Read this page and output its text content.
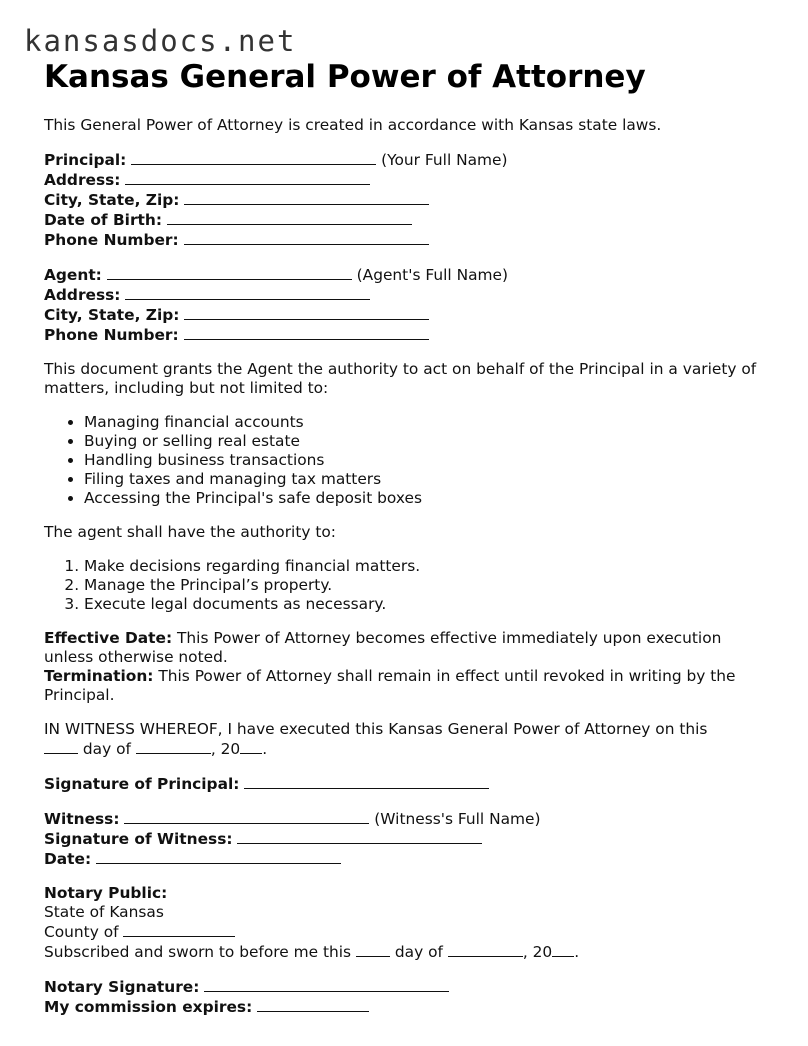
kansasdocs.net
Kansas General Power of Attorney

This General Power of Attorney is created in accordance with Kansas state laws.

Principal:	(Your Full Name)
Address:
City, State, Zip:
Date of Birth:
Phone Number:
Agent:	(Agent's Full Name)
Address:
City, State, Zip:
Phone Number:

This document grants the Agent the authority to act on behalf of the Principal in a variety of matters, including but not limited to:

• Managing financial accounts
• Buying or selling real estate
• Handling business transactions
• Filing taxes and managing tax matters
• Accessing the Principal's safe deposit boxes

The agent shall have the authority to:

1. Make decisions regarding financial matters.
2. Manage the Principal’s property.
3. Execute legal documents as necessary.

Effective Date: This Power of Attorney becomes effective immediately upon execution unless otherwise noted.

Termination: This Power of Attorney shall remain in effect until revoked in writing by the Principal.

IN WITNESS WHEREOF, I have executed this Kansas General Power of Attorney on this

day of	, 20 .
Signature of Principal:
Witness:	(Witness's Full Name)
Signature of Witness:
Date:
Notary Public:
State of Kansas
County of
Subscribed and sworn to before me this	day of	, 20 .
Notary Signature:
My commission expires:
